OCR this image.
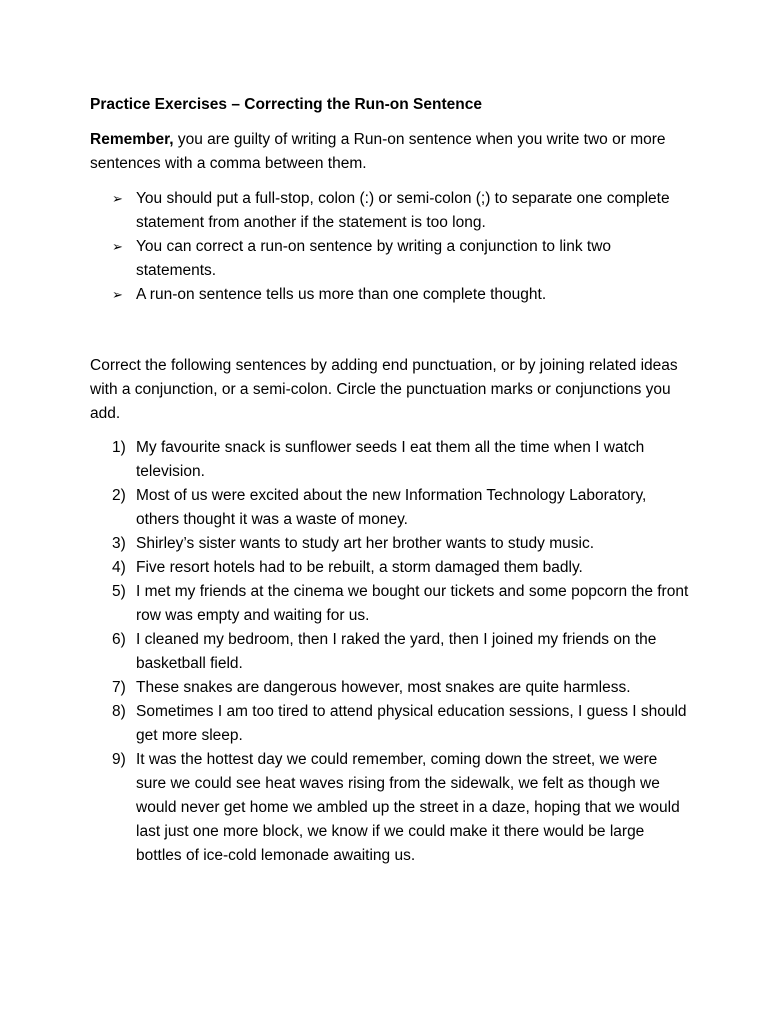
Practice Exercises – Correcting the Run-on Sentence

Remember, you are guilty of writing a Run-on sentence when you write two or more sentences with a comma between them.

➢ You should put a full-stop, colon (:) or semi-colon (;) to separate one complete statement from another if the statement is too long.
➢ You can correct a run-on sentence by writing a conjunction to link two statements.
➢ A run-on sentence tells us more than one complete thought.

Correct the following sentences by adding end punctuation, or by joining related ideas with a conjunction, or a semi-colon. Circle the punctuation marks or conjunctions you add.

1) My favourite snack is sunflower seeds I eat them all the time when I watch television.
2) Most of us were excited about the new Information Technology Laboratory, others thought it was a waste of money.
3) Shirley’s sister wants to study art her brother wants to study music.
4) Five resort hotels had to be rebuilt, a storm damaged them badly.
5) I met my friends at the cinema we bought our tickets and some popcorn the front row was empty and waiting for us.
6) I cleaned my bedroom, then I raked the yard, then I joined my friends on the basketball field.
7) These snakes are dangerous however, most snakes are quite harmless.
8) Sometimes I am too tired to attend physical education sessions, I guess I should get more sleep.
9) It was the hottest day we could remember, coming down the street, we were sure we could see heat waves rising from the sidewalk, we felt as though we would never get home we ambled up the street in a daze, hoping that we would last just one more block, we know if we could make it there would be large bottles of ice-cold lemonade awaiting us.
